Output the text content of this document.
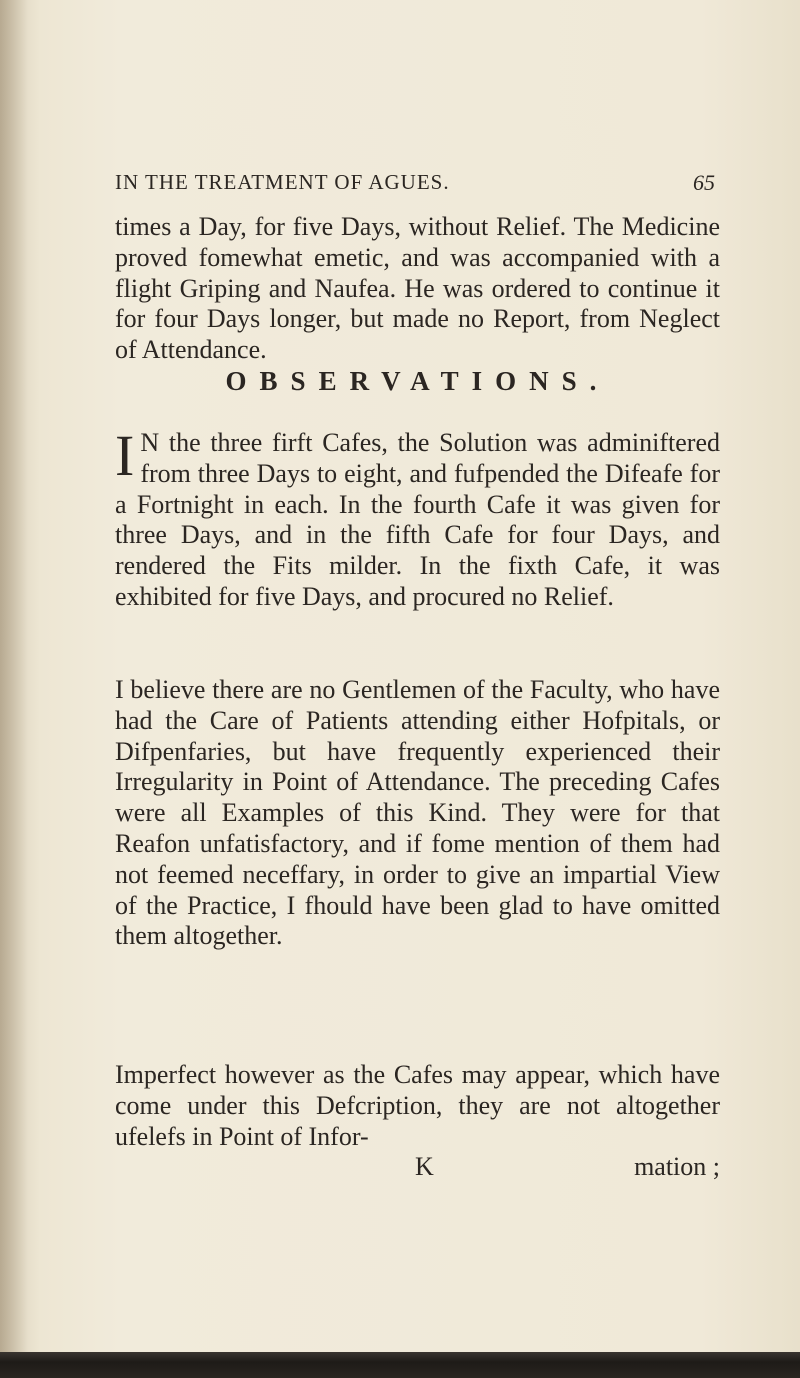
IN THE TREATMENT OF AGUES.	65

times a Day, for five Days, without Relief. The Medicine proved fomewhat emetic, and was accompanied with a flight Griping and Naufea. He was ordered to continue it for four Days longer, but made no Report, from Neglect of Attendance.

OBSERVATIONS.

I N the three firft Cafes, the Solution was adminiftered from three Days to eight, and fufpended the Difeafe for a Fortnight in each. In the fourth Cafe it was given for three Days, and in the fifth Cafe for four Days, and rendered the Fits milder. In the fixth Cafe, it was exhibited for five Days, and procured no Relief.

I believe there are no Gentlemen of the Faculty, who have had the Care of Patients attending either Hofpitals, or Difpenfaries, but have frequently experienced their Irregularity in Point of Attendance. The preceding Cafes were all Examples of this Kind. They were for that Reafon unfatisfactory, and if fome mention of them had not feemed neceffary, in order to give an impartial View of the Practice, I fhould have been glad to have omitted them altogether.

Imperfect however as the Cafes may appear, which have come under this Defcription, they are not altogether ufelefs in Point of Infor-

K	mation ;
